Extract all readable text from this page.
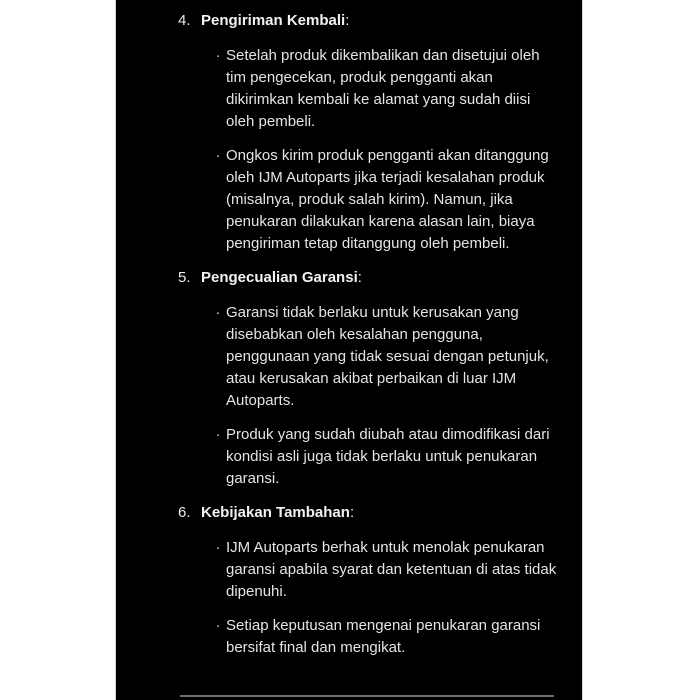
4. Pengiriman Kembali:
· Setelah produk dikembalikan dan disetujui oleh tim pengecekan, produk pengganti akan dikirimkan kembali ke alamat yang sudah diisi oleh pembeli.
· Ongkos kirim produk pengganti akan ditanggung oleh IJM Autoparts jika terjadi kesalahan produk (misalnya, produk salah kirim). Namun, jika penukaran dilakukan karena alasan lain, biaya pengiriman tetap ditanggung oleh pembeli.
5. Pengecualian Garansi:
· Garansi tidak berlaku untuk kerusakan yang disebabkan oleh kesalahan pengguna, penggunaan yang tidak sesuai dengan petunjuk, atau kerusakan akibat perbaikan di luar IJM Autoparts.
· Produk yang sudah diubah atau dimodifikasi dari kondisi asli juga tidak berlaku untuk penukaran garansi.
6. Kebijakan Tambahan:
· IJM Autoparts berhak untuk menolak penukaran garansi apabila syarat dan ketentuan di atas tidak dipenuhi.
· Setiap keputusan mengenai penukaran garansi bersifat final dan mengikat.
